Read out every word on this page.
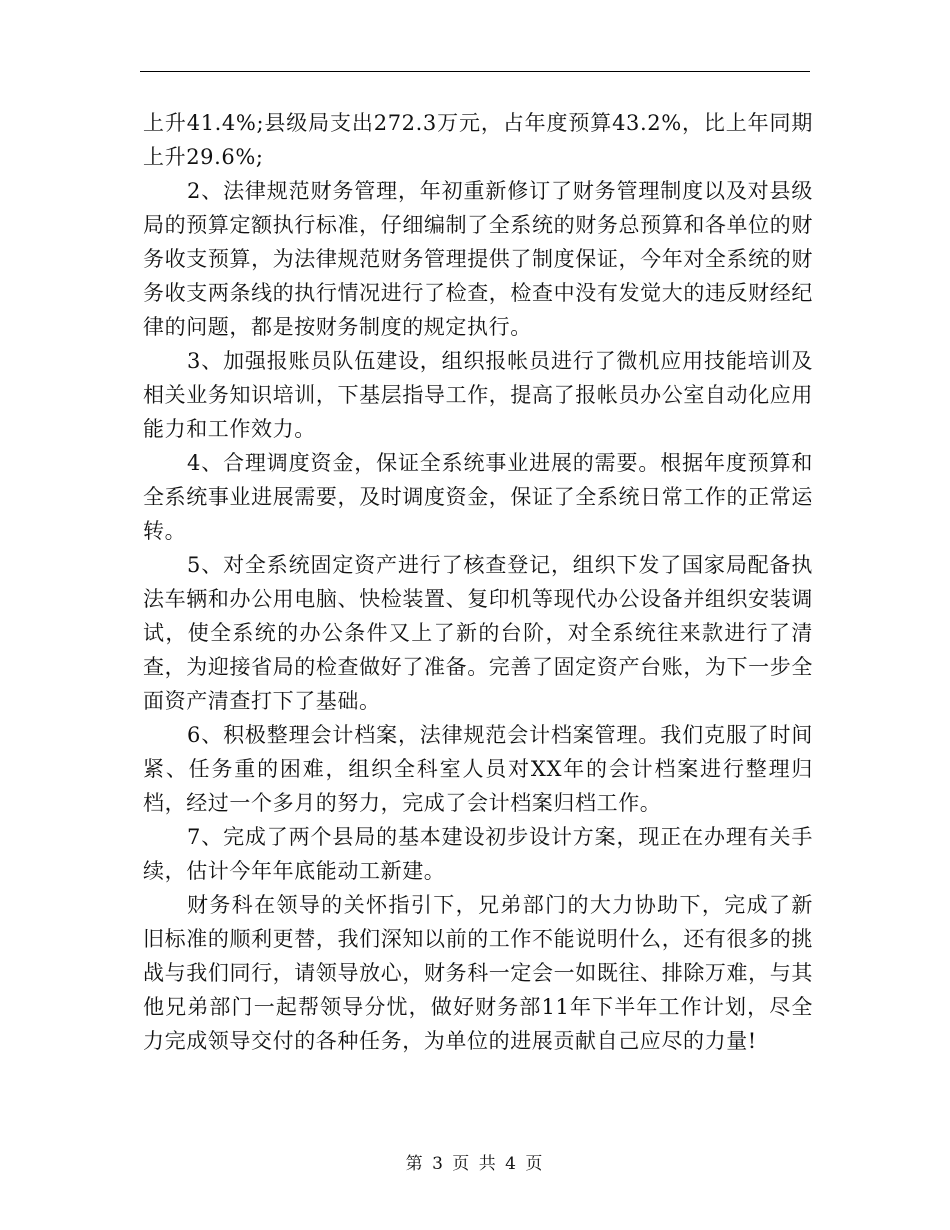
上升41.4%;县级局支出272.3万元，占年度预算43.2%，比上年同期上升29.6%;

2、法律规范财务管理，年初重新修订了财务管理制度以及对县级局的预算定额执行标准，仔细编制了全系统的财务总预算和各单位的财务收支预算，为法律规范财务管理提供了制度保证，今年对全系统的财务收支两条线的执行情况进行了检查，检查中没有发觉大的违反财经纪律的问题，都是按财务制度的规定执行。

3、加强报账员队伍建设，组织报帐员进行了微机应用技能培训及相关业务知识培训，下基层指导工作，提高了报帐员办公室自动化应用能力和工作效力。

4、合理调度资金，保证全系统事业进展的需要。根据年度预算和全系统事业进展需要，及时调度资金，保证了全系统日常工作的正常运转。

5、对全系统固定资产进行了核查登记，组织下发了国家局配备执法车辆和办公用电脑、快检装置、复印机等现代办公设备并组织安装调试，使全系统的办公条件又上了新的台阶，对全系统往来款进行了清查，为迎接省局的检查做好了准备。完善了固定资产台账，为下一步全面资产清查打下了基础。

6、积极整理会计档案，法律规范会计档案管理。我们克服了时间紧、任务重的困难，组织全科室人员对XX年的会计档案进行整理归档，经过一个多月的努力，完成了会计档案归档工作。

7、完成了两个县局的基本建设初步设计方案，现正在办理有关手续，估计今年年底能动工新建。

财务科在领导的关怀指引下，兄弟部门的大力协助下，完成了新旧标准的顺利更替，我们深知以前的工作不能说明什么，还有很多的挑战与我们同行，请领导放心，财务科一定会一如既往、排除万难，与其他兄弟部门一起帮领导分忧，做好财务部11年下半年工作计划，尽全力完成领导交付的各种任务，为单位的进展贡献自己应尽的力量!

第 3 页 共 4 页
